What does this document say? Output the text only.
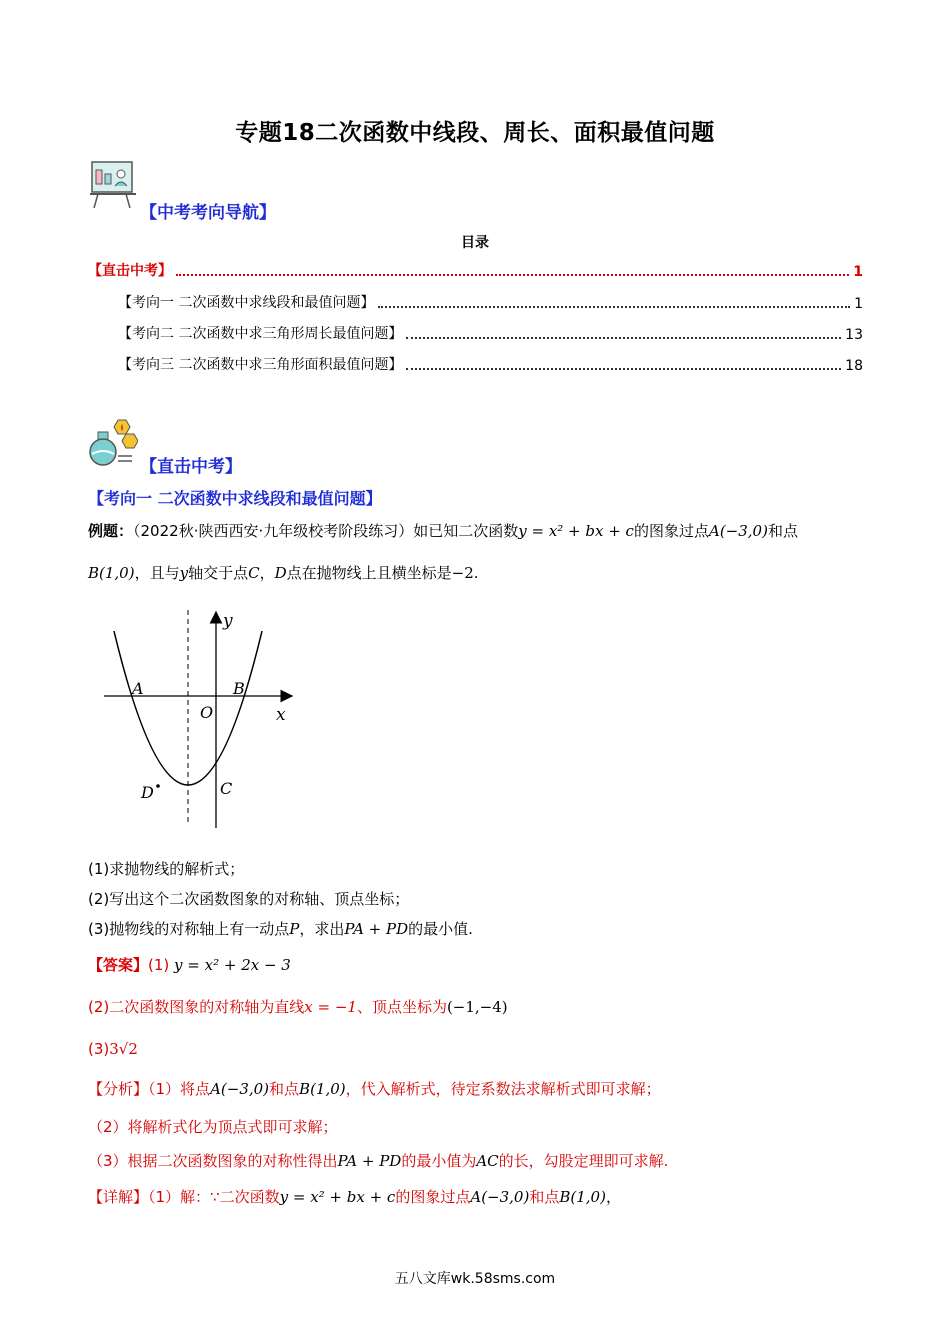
专题18二次函数中线段、周长、面积最值问题
【中考考向导航】
目录
【直击中考】	1
【考向一 二次函数中求线段和最值问题】	1
【考向二 二次函数中求三角形周长最值问题】	13
【考向三 二次函数中求三角形面积最值问题】	18
【直击中考】
【考向一 二次函数中求线段和最值问题】
例题：（2022秋·陕西西安·九年级校考阶段练习）如已知二次函数y = x² + bx + c的图象过点A(−3,0)和点
B(1,0)，且与y轴交于点C，D点在抛物线上且横坐标是−2.
y
x
O
A	B
C
D
(1)求抛物线的解析式；
(2)写出这个二次函数图象的对称轴、顶点坐标；
(3)抛物线的对称轴上有一动点P，求出PA + PD的最小值.
【答案】(1) y = x² + 2x − 3
(2)二次函数图象的对称轴为直线x = −1、顶点坐标为(−1,−4)
(3)3√2
【分析】（1）将点A(−3,0)和点B(1,0)，代入解析式，待定系数法求解析式即可求解；
（2）将解析式化为顶点式即可求解；
（3）根据二次函数图象的对称性得出PA + PD的最小值为AC的长，勾股定理即可求解.
【详解】（1）解：∵二次函数y = x² + bx + c的图象过点A(−3,0)和点B(1,0)，
五八文库wk.58sms.com
